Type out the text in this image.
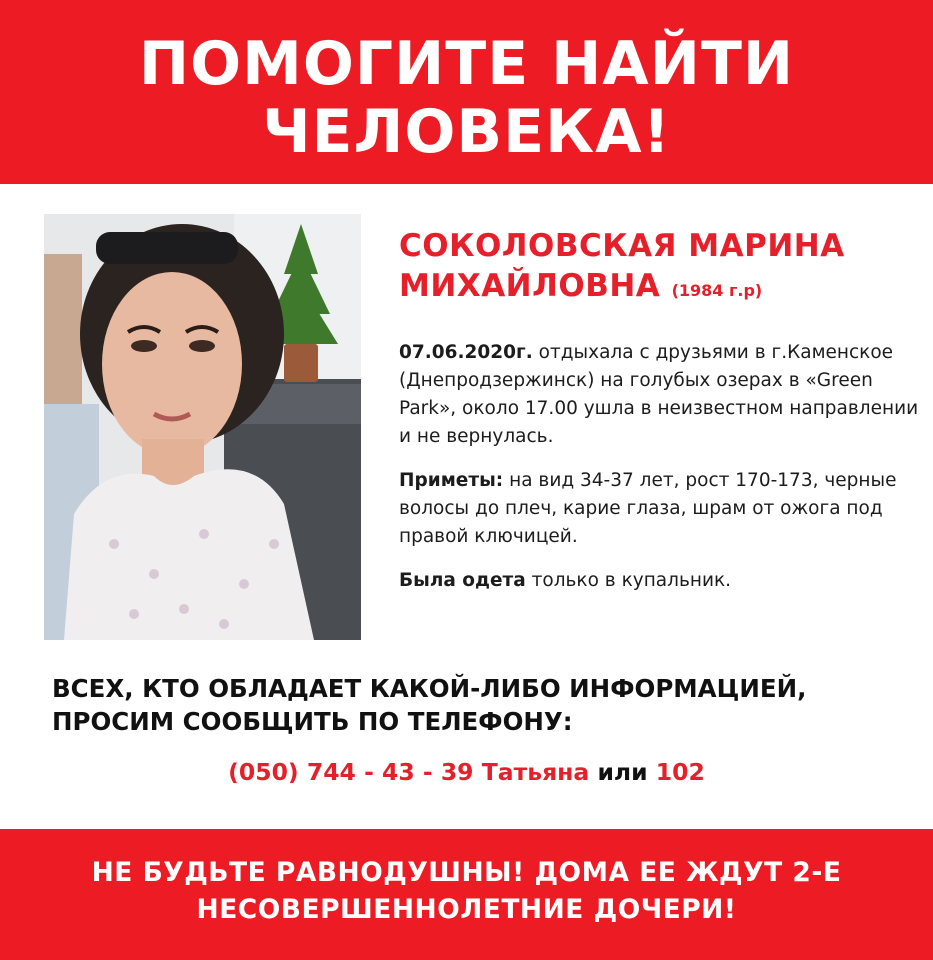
ПОМОГИТЕ НАЙТИ
ЧЕЛОВЕКА!
СОКОЛОВСКАЯ МАРИНА
МИХАЙЛОВНА (1984 г.р)
07.06.2020г. отдыхала с друзьями в г.Каменское (Днепродзержинск) на голубых озерах в «Green Park», около 17.00 ушла в неизвестном направлении и не вернулась.
Приметы: на вид 34-37 лет, рост 170-173, черные волосы до плеч, карие глаза, шрам от ожога под правой ключицей.
Была одета только в купальник.
ВСЕХ, КТО ОБЛАДАЕТ КАКОЙ-ЛИБО ИНФОРМАЦИЕЙ,
ПРОСИМ СООБЩИТЬ ПО ТЕЛЕФОНУ:
(050) 744 - 43 - 39 Татьяна или 102
НЕ БУДЬТЕ РАВНОДУШНЫ! ДОМА ЕЕ ЖДУТ 2-Е
НЕСОВЕРШЕННОЛЕТНИЕ ДОЧЕРИ!
